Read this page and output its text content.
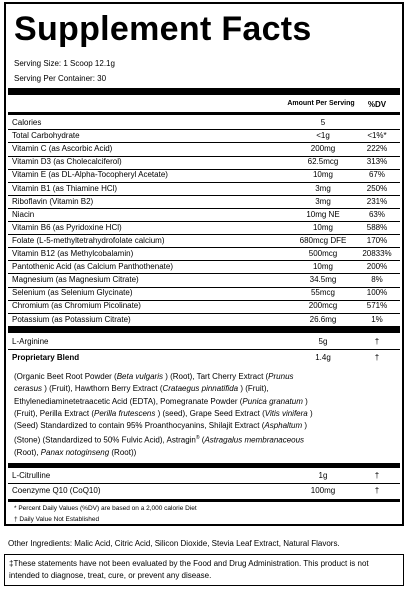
Supplement Facts
Serving Size: 1 Scoop 12.1g
Serving Per Container: 30
Amount Per Serving	%DV
Calories	5
Total Carbohydrate	<1g	<1%*
Vitamin C (as Ascorbic Acid)	200mg	222%
Vitamin D3 (as Cholecalciferol)	62.5mcg	313%
Vitamin E (as DL-Alpha-Tocopheryl Acetate)	10mg	67%
Vitamin B1 (as Thiamine HCl)	3mg	250%
Riboflavin (Vitamin B2)	3mg	231%
Niacin	10mg NE	63%
Vitamin B6 (as Pyridoxine HCl)	10mg	588%
Folate (L-5-methyltetrahydrofolate calcium)	680mcg DFE	170%
Vitamin B12 (as Methylcobalamin)	500mcg	20833%
Pantothenic Acid (as Calcium Panthothenate)	10mg	200%
Magnesium (as Magnesium Citrate)	34.5mg	8%
Selenium (as Selenium Glycinate)	55mcg	100%
Chromium (as Chromium Picolinate)	200mcg	571%
Potassium (as Potassium Citrate)	26.6mg	1%
L-Arginine	5g	†
Proprietary Blend	1.4g	†
(Organic Beet Root Powder (Beta vulgaris ) (Root), Tart Cherry Extract (Prunus cerasus ) (Fruit), Hawthorn Berry Extract (Crataegus pinnatifida ) (Fruit), Ethylenediaminetetraacetic Acid (EDTA), Pomegranate Powder (Punica granatum ) (Fruit), Perilla Extract (Perilla frutescens ) (seed), Grape Seed Extract (Vitis vinifera ) (Seed) Standardized to contain 95% Proanthocyanins, Shilajit Extract (Asphaltum ) (Stone) (Standardized to 50% Fulvic Acid), Astragin® (Astragalus membranaceous (Root), Panax notoginseng (Root))
L-Citrulline	1g	†
Coenzyme Q10 (CoQ10)	100mg	†
* Percent Daily Values (%DV) are based on a 2,000 calorie Diet
† Daily Value Not Established
Other Ingredients: Malic Acid, Citric Acid, Silicon Dioxide, Stevia Leaf Extract, Natural Flavors.
‡These statements have not been evaluated by the Food and Drug Administration. This product is not intended to diagnose, treat, cure, or prevent any disease.
